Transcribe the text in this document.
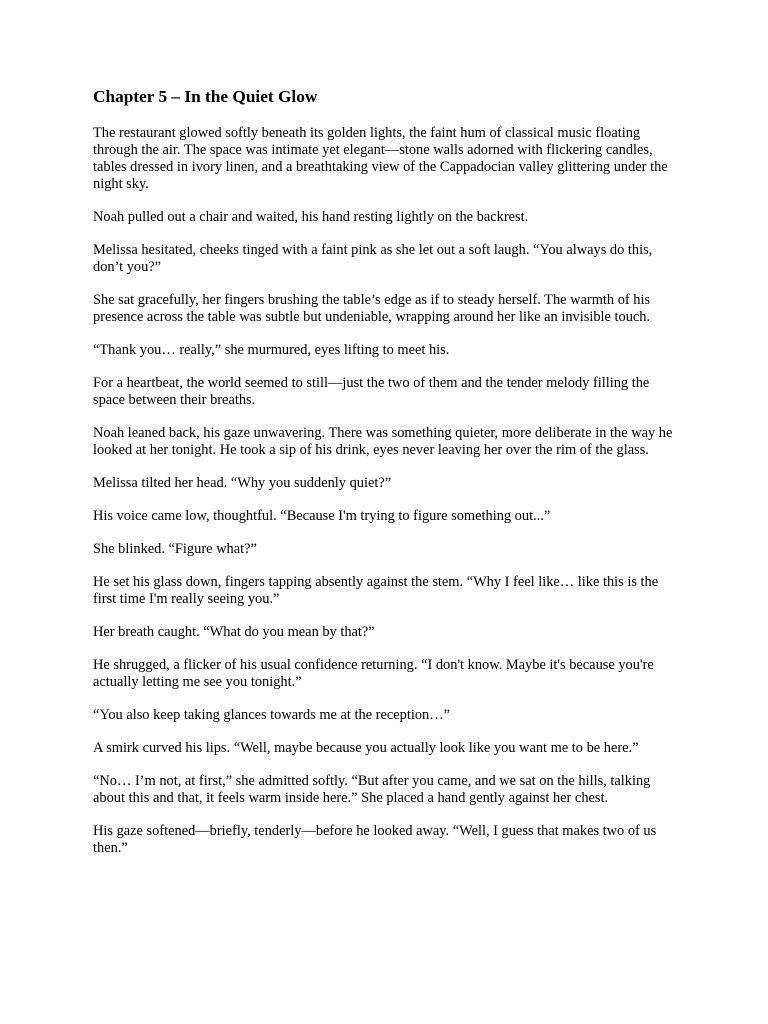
Chapter 5 – In the Quiet Glow

The restaurant glowed softly beneath its golden lights, the faint hum of classical music floating through the air. The space was intimate yet elegant—stone walls adorned with flickering candles, tables dressed in ivory linen, and a breathtaking view of the Cappadocian valley glittering under the night sky.

Noah pulled out a chair and waited, his hand resting lightly on the backrest.

Melissa hesitated, cheeks tinged with a faint pink as she let out a soft laugh. “You always do this, don’t you?”

She sat gracefully, her fingers brushing the table’s edge as if to steady herself. The warmth of his presence across the table was subtle but undeniable, wrapping around her like an invisible touch.

“Thank you… really,” she murmured, eyes lifting to meet his.

For a heartbeat, the world seemed to still—just the two of them and the tender melody filling the space between their breaths.

Noah leaned back, his gaze unwavering. There was something quieter, more deliberate in the way he looked at her tonight. He took a sip of his drink, eyes never leaving her over the rim of the glass.

Melissa tilted her head. “Why you suddenly quiet?”

His voice came low, thoughtful. “Because I'm trying to figure something out...”

She blinked. “Figure what?”

He set his glass down, fingers tapping absently against the stem. “Why I feel like… like this is the first time I'm really seeing you.”

Her breath caught. “What do you mean by that?”

He shrugged, a flicker of his usual confidence returning. “I don't know. Maybe it's because you're actually letting me see you tonight.”

“You also keep taking glances towards me at the reception…”

A smirk curved his lips. “Well, maybe because you actually look like you want me to be here.”

“No… I’m not, at first,” she admitted softly. “But after you came, and we sat on the hills, talking about this and that, it feels warm inside here.” She placed a hand gently against her chest.

His gaze softened—briefly, tenderly—before he looked away. “Well, I guess that makes two of us then.”
